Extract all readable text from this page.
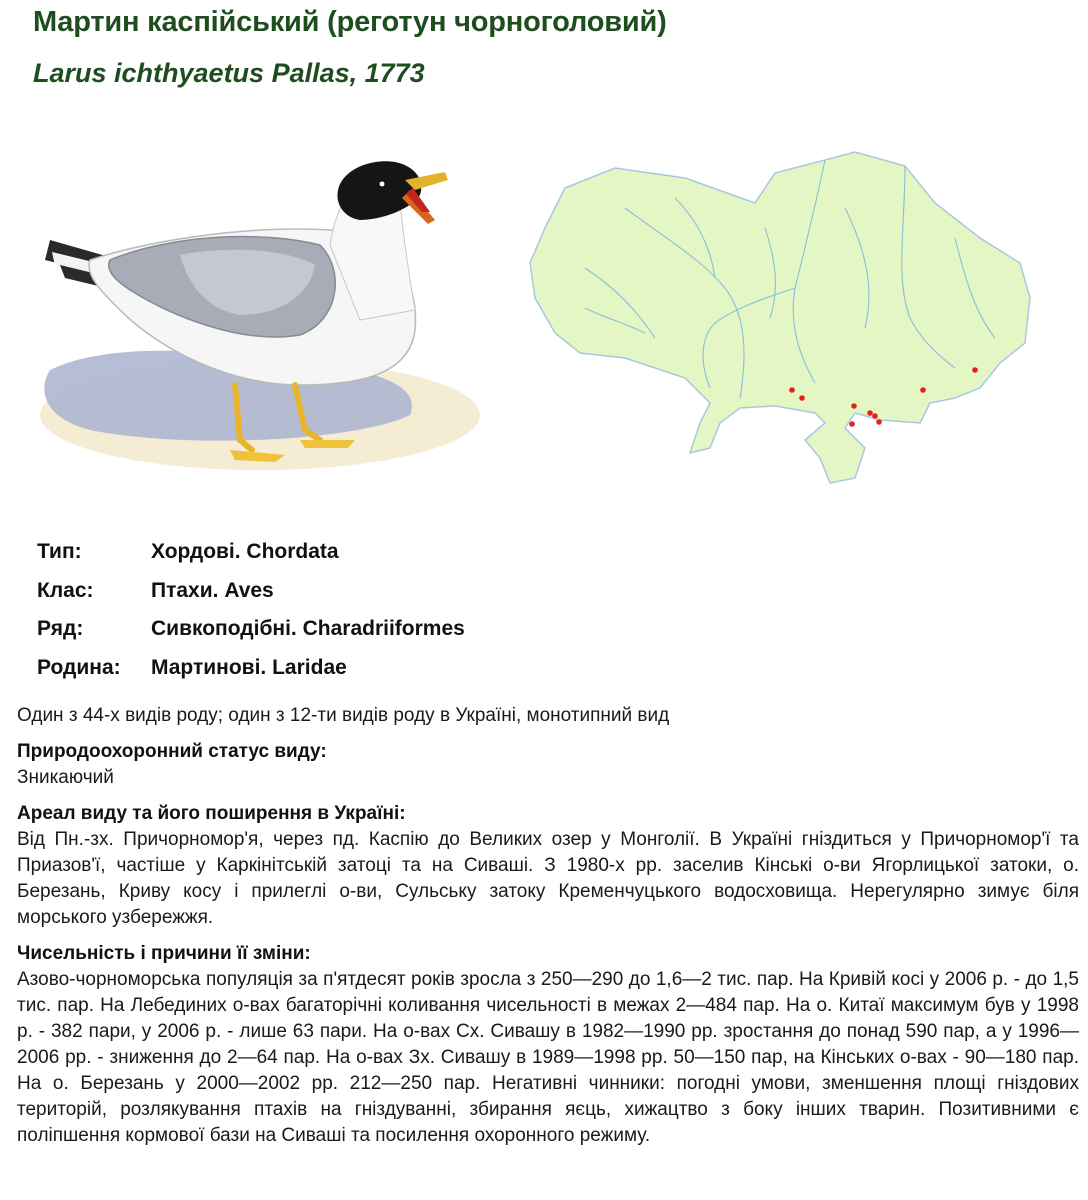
Мартин каспійський (реготун чорноголовий)
Larus ichthyaetus Pallas, 1773
Тип:	Хордові. Chordata
Клас:	Птахи. Aves
Ряд:	Сивкоподібні. Charadriiformes
Родина:	Мартинові. Laridae
Один з 44-х видів роду; один з 12-ти видів роду в Україні, монотипний вид
Природоохоронний статус виду:
Зникаючий
Ареал виду та його поширення в Україні:
Від Пн.-зх. Причорномор'я, через пд. Каспію до Великих озер у Монголії. В Україні гніздиться у Причорномор'ї та Приазов'ї, частіше у Каркінітській затоці та на Сиваші. З 1980-х рр. заселив Кінські о-ви Ягорлицької затоки, о. Березань, Криву косу і прилеглі о-ви, Сульську затоку Кременчуцького водосховища. Нерегулярно зимує біля морського узбережжя.
Чисельність і причини її зміни:
Азово-чорноморська популяція за п'ятдесят років зросла з 250—290 до 1,6—2 тис. пар. На Кривій косі у 2006 р. - до 1,5 тис. пар. На Лебединих о-вах багаторічні коливання чисельності в межах 2—484 пар. На о. Китаї максимум був у 1998 р. - 382 пари, у 2006 р. - лише 63 пари. На о-вах Сх. Сивашу в 1982—1990 рр. зростання до понад 590 пар, а у 1996—2006 рр. - зниження до 2—64 пар. На о-вах Зх. Сивашу в 1989—1998 рр. 50—150 пар, на Кінських о-вах - 90—180 пар. На о. Березань у 2000—2002 рр. 212—250 пар. Негативні чинники: погодні умови, зменшення площі гніздових територій, розлякування птахів на гніздуванні, збирання яєць, хижацтво з боку інших тварин. Позитивними є поліпшення кормової бази на Сиваші та посилення охоронного режиму.
